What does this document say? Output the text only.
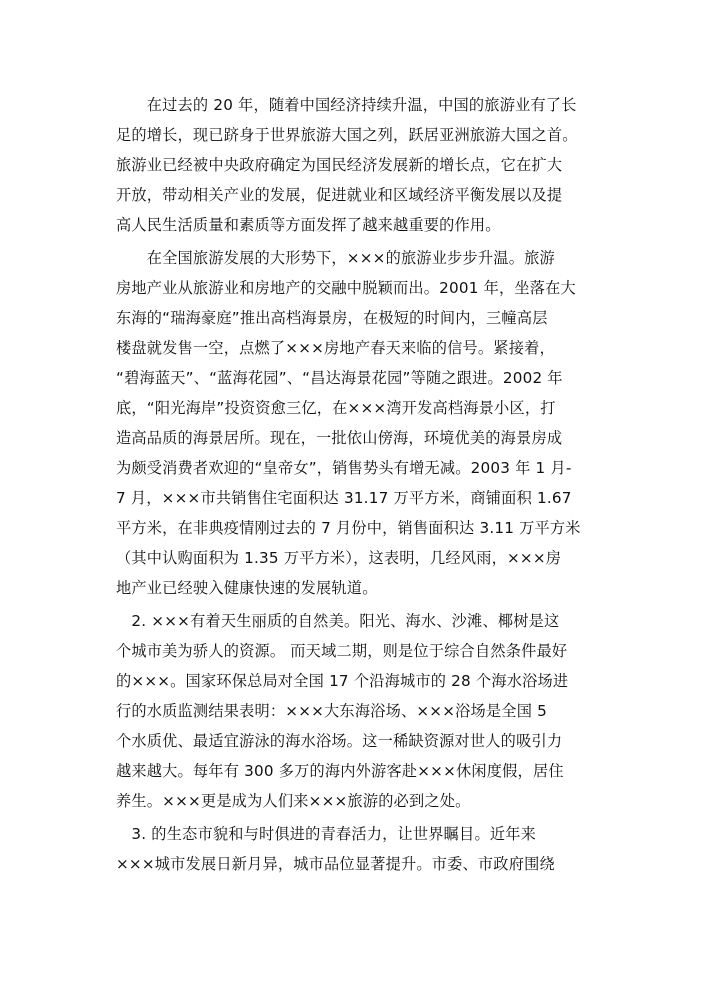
　　在过去的 20 年，随着中国经济持续升温，中国的旅游业有了长
足的增长，现已跻身于世界旅游大国之列，跃居亚洲旅游大国之首。
旅游业已经被中央政府确定为国民经济发展新的增长点，它在扩大
开放，带动相关产业的发展，促进就业和区域经济平衡发展以及提
高人民生活质量和素质等方面发挥了越来越重要的作用。
　　在全国旅游发展的大形势下，×××的旅游业步步升温。旅游
房地产业从旅游业和房地产的交融中脱颖而出。2001 年，坐落在大
东海的“瑞海豪庭”推出高档海景房，在极短的时间内，三幢高层
楼盘就发售一空，点燃了×××房地产春天来临的信号。紧接着，
“碧海蓝天”、“蓝海花园”、“昌达海景花园”等随之跟进。2002 年
底，“阳光海岸”投资资愈三亿，在×××湾开发高档海景小区，打
造高品质的海景居所。现在，一批依山傍海，环境优美的海景房成
为颇受消费者欢迎的“皇帝女”，销售势头有增无减。2003 年 1 月-
7 月，×××市共销售住宅面积达 31.17 万平方米，商铺面积 1.67
平方米，在非典疫情刚过去的 7 月份中，销售面积达 3.11 万平方米
（其中认购面积为 1.35 万平方米），这表明，几经风雨，×××房
地产业已经驶入健康快速的发展轨道。
　2. ×××有着天生丽质的自然美。阳光、海水、沙滩、椰树是这
个城市美为骄人的资源。 而天域二期，则是位于综合自然条件最好
的×××。国家环保总局对全国 17 个沿海城市的 28 个海水浴场进
行的水质监测结果表明：×××大东海浴场、×××浴场是全国 5
个水质优、最适宜游泳的海水浴场。这一稀缺资源对世人的吸引力
越来越大。每年有 300 多万的海内外游客赴×××休闲度假，居住
养生。×××更是成为人们来×××旅游的必到之处。
　3. 的生态市貌和与时俱进的青春活力，让世界瞩目。近年来
×××城市发展日新月异，城市品位显著提升。市委、市政府围绕
